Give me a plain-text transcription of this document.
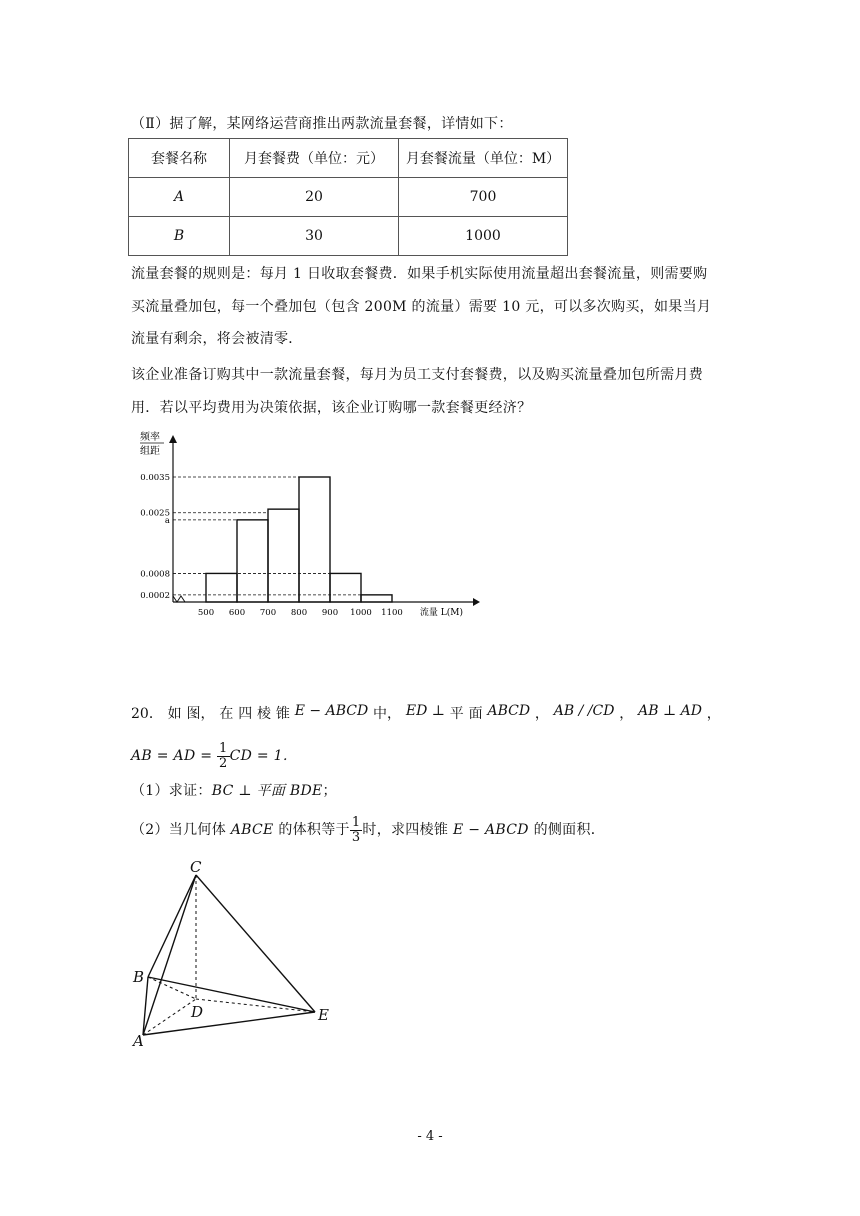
（Ⅱ）据了解，某网络运营商推出两款流量套餐，详情如下：
套餐名称	月套餐费（单位：元）	月套餐流量（单位：M）
A	20	700
B	30	1000
流量套餐的规则是：每月 1 日收取套餐费．如果手机实际使用流量超出套餐流量，则需要购
买流量叠加包，每一个叠加包（包含 200M 的流量）需要 10 元，可以多次购买，如果当月
流量有剩余，将会被清零．
该企业准备订购其中一款流量套餐，每月为员工支付套餐费，以及购买流量叠加包所需月费
用．若以平均费用为决策依据，该企业订购哪一款套餐更经济？
频率
组距
0.0035
0.0025
a
0.0008
0.0002
500 600 700 800 900 1000 1100 流量 L(M)
20． 如 图， 在 四 棱 锥 E − ABCD 中， ED ⊥ 平 面 ABCD ， AB / /CD ， AB ⊥ AD ，
AB = AD = $\frac{1}{2}$ CD = 1．
（1）求证：BC ⊥ 平面 BDE；
（2）当几何体 ABCE 的体积等于 $\frac{1}{3}$ 时，求四棱锥 E − ABCD 的侧面积．
C
B
D	E
A
- 4 -
